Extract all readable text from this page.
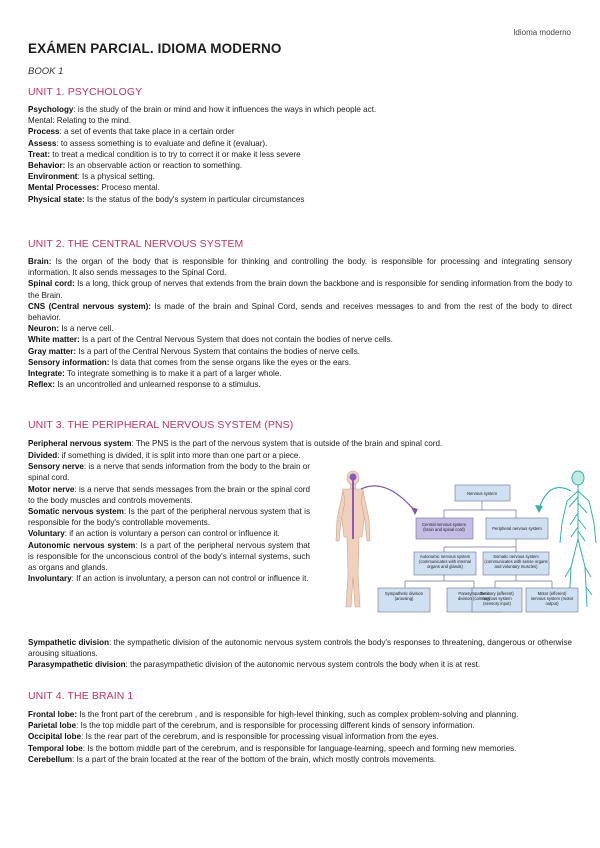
Idioma moderno
EXÁMEN PARCIAL. IDIOMA MODERNO
BOOK 1
UNIT 1. PSYCHOLOGY

Psychology: is the study of the brain or mind and how it influences the ways in which people act.

Mental: Relating to the mind.

Process: a set of events that take place in a certain order

Assess: to assess something is to evaluate and define it (evaluar).

Treat: to treat a medical condition is to try to correct it or make it less severe

Behavior: Is an observable action or reaction to something.

Environment: Is a physical setting.

Mental Processes: Proceso mental.

Physical state: Is the status of the body's system in particular circumstances

UNIT 2. THE CENTRAL NERVOUS SYSTEM

Brain: Is the organ of the body that is responsible for thinking and controlling the body. is responsible for processing and integrating sensory information. It also sends messages to the Spinal Cord.

Spinal cord: Is a long, thick group of nerves that extends from the brain down the backbone and is responsible for sending information from the body to the Brain.

CNS (Central nervous system): Is made of the brain and Spinal Cord, sends and receives messages to and from the rest of the body to direct behavior.

Neuron: Is a nerve cell.

White matter: Is a part of the Central Nervous System that does not contain the bodies of nerve cells.

Gray matter: Is a part of the Central Nervous System that contains the bodies of nerve cells.

Sensory information: Is data that comes from the sense organs like the eyes or the ears.

Integrate: To integrate something is to make it a part of a larger whole.

Reflex: Is an uncontrolled and unlearned response to a stimulus.

UNIT 3. THE PERIPHERAL NERVOUS SYSTEM (PNS)

Peripheral nervous system: The PNS is the part of the nervous system that is outside of the brain and spinal cord.

Divided: if something is divided, it is split into more than one part or a piece.

Sensory nerve: is a nerve that sends information from the body to the brain or spinal cord.

Motor nerve: is a nerve that sends messages from the brain or the spinal cord to the body muscles and controls movements.

Somatic nervous system: Is the part of the peripheral nervous system that is responsible for the body's controllable movements.

Voluntary: if an action is voluntary a person can control or influence it.

Autonomic nervous system: Is a part of the peripheral nervous system that is responsible for the unconscious control of the body's internal systems, such as organs and glands.

Involuntary: If an action is involuntary, a person can not control or influence it.

Sympathetic division: the sympathetic division of the autonomic nervous system controls the body's responses to threatening, dangerous or otherwise arousing situations.

Parasympathetic division: the parasympathetic division of the autonomic nervous system controls the body when it is at rest.

Nervous system
Central nervous system (brain and spinal cord)	Peripheral nervous system
Autonomic nervous system (communicates with internal organs and glands)
Somatic nervous system (communicates with sense organs and voluntary muscles)
Sympathetic division (arousing)
Parasympathetic division (calming)
Sensory (afferent) nervous system (sensory input)
Motor (efferent) nervous system (motor output)
UNIT 4. THE BRAIN 1

Frontal lobe: Is the front part of the cerebrum , and is responsible for high-level thinking, such as complex problem-solving and planning.

Parietal lobe: Is the top middle part of the cerebrum, and is responsible for processing different kinds of sensory information.

Occipital lobe: Is the rear part of the cerebrum, and is responsible for processing visual information from the eyes.

Temporal lobe: Is the bottom middle part of the cerebrum, and is responsible for language-learning, speech and forming new memories.

Cerebellum: Is a part of the brain located at the rear of the bottom of the brain, which mostly controls movements.
